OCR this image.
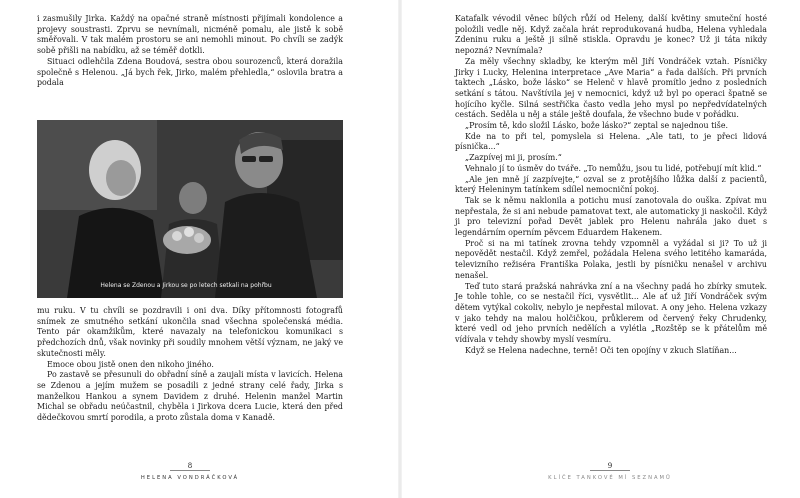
i zasmušily Jirka. Každý na opačné straně místnosti přijímali kondolence a projevy soustrasti. Zprvu se nevnímali, nicméně pomalu, ale jistě k sobě směřovali. V tak malém prostoru se ani nemohli minout. Po chvíli se zadýk sobě přišli na nabídku, až se téměř dotkli.

Situaci odlehčila Zdena Boudová, sestra obou sourozenců, která doražila společně s Helenou. „Já bych řek, Jirko, malém přehledla,“ oslovila bratra a podala

Helena se Zdenou a Jirkou se po letech setkali na pohřbu

mu ruku. V tu chvíli se pozdravili i oni dva. Díky přítomnosti fotografů snímek ze smutného setkání ukončila snad všechna společenská média. Tento pár okamžikům, které navazaly na telefonickou komunikaci s předchozích dnů, však novinky při soudily mnohem větší význam, ne jaký ve skutečnosti měly.

Emoce obou jistě onen den nikoho jiného.

Po zastavě se přesunuli do obřadní síně a zaujali místa v lavicích. Helena se Zdenou a jejím mužem se posadili z jedné strany celé řady, Jirka s manželkou Hankou a synem Davidem z druhé. Helenin manžel Martin Michal se obřadu neúčastnil, chyběla i Jirkova dcera Lucie, která den před dědečkovou smrtí porodila, a proto zůstala doma v Kanadě.

8
HELENA VONDRÁČKOVÁ

Katafalk vévodil věnec bílých růží od Heleny, další květiny smuteční hosté položili vedle něj. Když začala hrát reprodukovaná hudba, Helena vyhledala Zdeninu ruku a ještě ji silně stiskla. Opravdu je konec? Už ji táta nikdy nepozná? Nevnímala?

Za měly všechny skladby, ke kterým měl Jiří Vondráček vztah. Písničky Jirky i Lucky, Helenina interpretace „Ave Maria“ a řada dalších. Při prvních taktech „Lásko, bože lásko“ se Helenč v hlavě promítlo jedno z posledních setkání s tátou. Navštívila jej v nemocnici, když už byl po operaci špatně se hojícího kyčle. Silná sestřička často vedla jeho mysl po nepředvídatelných cestách. Seděla u něj a stále ještě doufala, že všechno bude v pořádku.

„Prosím tě, kdo složil Lásko, bože lásko?“ zeptal se najednou tiše.

Kde na to při tel, pomyslela si Helena. „Ale tati, to je přeci lidová písnička...“

„Zazpívej mi ji, prosím.“

Vehnalo jí to úsměv do tváře. „To nemůžu, jsou tu lidé, potřebují mít klid.“

„Ale jen mně jí zazpívejte,“ ozval se z protějšího lůžka další z pacientů, který Heleninym tatínkem sdílel nemocniční pokoj.

Tak se k němu naklonila a potichu musí zanotovala do ouška. Zpívat mu nepřestala, že si ani nebude pamatovat text, ale automaticky ji naskočil. Když ji pro televizní pořad Devět jablek pro Helenu nahrála jako duet s legendárním operním pěvcem Eduardem Hakenem.

Proč si na mi tatínek zrovna tehdy vzpomněl a vyžádal si ji? To už ji nepovědět nestačil. Když zemřel, požádala Helena svého letitého kamaráda, televizního režiséra Františka Polaka, jestli by písničku nenašel v archivu nenašel.

Teď tuto stará pražská nahrávka zní a na všechny padá ho zbírky smutek. Je tohle tohle, co se nestačil říci, vysvětlit... Ale ať už Jiří Vondráček svým dětem vytýkal cokoliv, nebylo je nepřestal milovat. A ony jeho. Helena vzkazy v jako tehdy na malou holčičkou, průklerem od červený řeky Chrudenky, které vedl od jeho prvních nedělích a vylétla „Rozštěp se k přátelům mě vídívala v tehdy showby myslí vesmíru.

Když se Helena nadechne, terně! Oči ten opojíny v zkuch Slatíňan...

9
KLÍČE TANKOVÉ MÍ SEZNAMŮ
